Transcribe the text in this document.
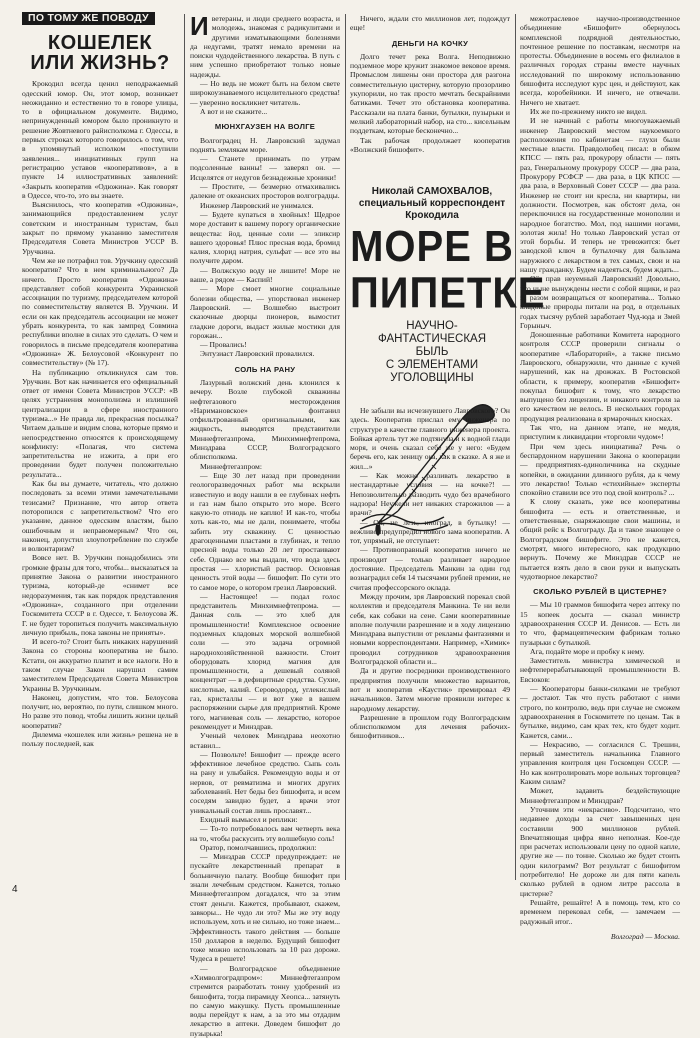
ПО ТОМУ ЖЕ ПОВОДУ
КОШЕЛЕК
ИЛИ ЖИЗНЬ?

Крокодил всегда ценил неподражаемый одесский юмор. Он, этот юмор, возникает неожиданно и естественно то в говоре улицы, то в официальном документе. Видимо, непринужденный юмором было проникнуто и решение Жовтневого райисполкома г. Одессы, в первых строках которого говорилось о том, что в упомянутый исполком «поступили заявления... инициативных групп на регистрацию уставов «кооперативов», а в пункте 14 иллюстративных заявлений: «Закрыть кооператив «Одюжина». Как говорят в Одессе, что-то, это вы знаете.

Выяснилось, что кооператив «Одюжина», занимающийся предоставлением услуг советским и иностранным туристам, был закрыт по прямому указанию заместителя Председателя Совета Министров УССР В. Уручкина.

Чем же не потрафил тов. Уручкину одесский кооператив? Что в нем криминального? Да ничего. Просто кооператив «Одюжина» представляет собой конкурента Украинской ассоциации по туризму, председателем которой по совместительству является В. Уручкин. И если он как председатель ассоциации не может убрать конкурента, то как зампред Совмина республики вполне в силах это сделать. О чем и говорилось в письме председателя кооператива «Одюжина» Ж. Белоусовой «Конкурент по совместительству» (№ 17).

На публикацию откликнулся сам тов. Уручкин. Вот как начинается его официальный ответ от имени Совета Министров УССР: «В целях устранения монополизма и излишней централизации в сфере иностранного туризма...» Не правда ли, прекрасная посылка? Читаем дальше и видим слова, которые прямо и непосредственно относятся к происходящему конфликту: «Полагая, что система запретительства не изжита, а при его проведении будет получен положительно результата...

Как бы вы думаете, читатель, что должно последовать за всеми этими замечательными тезисами? Признание, что автор ответа поторопился с запретительством? Что его указание, данное одесским властям, было ошибочным и неправомерным? Что он, наконец, допустил злоупотребление по службе и волюнтаризм?

Вовсе нет. В. Уручкин понадобились эти громкие фразы для того, чтобы... высказаться за принятие Закона о развитии иностранного туризма, который-де «снимет все недоразумения, так как порядок представления «Одюжина», созданного при отделении Госкомитета СССР в г. Одессе, т. Белоусова Ж. Г. не будет торопиться получить максимальную личную прибыль, пока законы не приняты».

И всего-то? Стоит быть никаких нарушений Закона со стороны кооператива не было. Кстати, он аккуратно платит и все налоги. Но в таком случае Закон нарушил самим заместителем Председателя Совета Министров Украины В. Уручкиным.

Наконец, допустим, что тов. Белоусова получит, но, вероятно, по пути, слишком много. Но разве это повод, чтобы лишить жизни целый кооператив?

Дилемма «кошелек или жизнь» решена не в пользу последней, как

Иветераны, и люди среднего возраста, и молодежь, знакомая с радикулитами и другими изматывающими болезнями да недугами, тратят немало времени на поиски чудодейственного лекарства. В путь с ним успешно приобретают только новые надежды.

— Но ведь не может быть на белом свете широкоузнаваемого исцелительного средства! — уверенно воскликнет читатель.

А вот и не скажите...

МЮНХГАУЗЕН НА ВОЛГЕ

Волгоградец Н. Лавровский задумал поднять землякам море.

— Станете принимать по утрам подсоленные ванны! — заверял он. — Исцелятся от недугов безнадежные хроники!

— Простите, — безмерно отмахивались далекие от океанских просторов волгоградцы.

Инженер Лавровский не унимался.

— Будете купаться в хвойных! Щедрое море доставит к вашему порогу органические вещества: йод, ценные соли — эликсир вашего здоровья! Плюс пресная вода, бромид калия, хлорид натрия, сульфат — все это вы получите даром.

— Волжскую воду не лишите! Море не ваше, а рядом — Каспий!

— Море смоет многие социальные болезни общества, — упорствовал инженер Лавровский. — Волшебно выстроит сказочные дворцы пионеров, вымостит гладкие дороги, выдаст жилые мостики для горожан...

— Провались!

Энтузиаст Лавровский провалился.

СОЛЬ НА РАНУ

Лазурный волжский день клонился к вечеру. Возле глубокой скважины нефтегазового месторождения «Наримановское» фонтанил отфильтрованный оригинальными, как жидкость, выводятся представители Миннефтегазпрома, Минхимнефтепрома, Минздрава СССР, Волгоградского облисполкома.

Миннефтегазпром:

— Еще 30 лет назад при проведении геологоразведочных работ мы вскрыли известную и воду нашли в ее глубинах нефть и газ нам было открыто это море. Всего какую-то отнюдь не каплю! И как-то, чтобы хоть как-то, мы не дали, понимаете, чтобы забить эту скважину. С ценностью драгоценными пластами в глубинах, и тепло пресной воды только 20 лет простаивают себе. Однако все мы выдали, что вода здесь простая — хлористый раствор. Основная ценность этой воды — бишофит. По сути это то самое море, о котором грезил Лавровский.

— Настоящее! — подал голос представитель Минхимнефтепрома. — Данная соль — это хлеб для промышленности! Комплексное освоение подземных кладовых морской волшебной соли — это задача огромной народнохозяйственной важности. Стоит оборудовать хлорид магния для промышленности, а дешевый соляной концентрат — в дефицитные средства. Сухие, кислотные, калий. Сероводород, углекислый газ, кристаллы — и вот уже в вашем распоряжении сырье для предприятий. Кроме того, магниевая соль — лекарство, которое рекомендует и Минздрав.

Ученый человек Минздрава неохотно вставил...

— Позвольте! Бишофит — прежде всего эффективное лечебное средство. Сыпь соль на рану и улыбайся. Рекомендую воды и от нервов, от ревматизма и многих других заболеваний. Нет беды без бишофита, и всем соседям завидно будет, а врачи этот уникальный состав лишь прославят...

Ехидный вымысел и реплики:

— То-то потребовалось вам четверть века на то, чтобы раскусить эту волшебную соль!

Оратор, помолчавшись, продолжил:

— Минздрав СССР предупреждает: не пускайте лекарственный препарат в больничную палату. Вообще бишофит при знали лечебным средством. Кажется, только Миннефтегазпром догадался, что за этим стоят деньги. Кажется, пробывают, скажем, завкоры... Не чудо ли это? Мы же эту воду используем, хоть и не сильно, но тоже знаем... Эффективность такого действия — больше 150 долларов в неделю. Будущий бишофит тоже можно использовать за 10 раз дороже. Чудеса в решете!

— Волгоградское объединение «Химволгоградпром»: Миннефтегазпром стремится разработать тонну удобрений из бишофита, тогда пирамиду Хеопса... затянуть по самую макушку. Пусть промышленные воды перейдут к нам, а за это мы отдадим лекарство в аптеки. Доведем бишофит до пузырька!

Ничего, ждали сто миллионов лет, подождут еще!

ДЕНЬГИ НА КОЧКУ

Долго течет река Волга. Неподвижно подземное море кружит знакомое вековое время. Промыслом лишены они простора для разгона совместительную цистерну, которую прозорливо укупорили, но так просто мечтать бескрайними батиками. Течет это обстановка кооператива. Рассказали на плата банки, бутылки, пузырьки и мелкий лабораторный набор, на сто... кисельным поддеткам, которые бесконечно...

Так рабочая продолжает кооператив «Волжский бишофит».

Николай САМОХВАЛОВ,
специальный корреспондент
Крокодила
МОРЕ В
ПИПЕТКЕ
НАУЧНО-
ФАНТАСТИЧЕСКАЯ
БЫЛЬ
С ЭЛЕМЕНТАМИ
УГОЛОВЩИНЫ

Не забыли вы исчезнувшего Лавровского? Он здесь. Кооператив прислал ему инженера по структуре в качестве главного инженера проекта. Бойкая артель тут же подтянула и к водной глади моря, и очень сказал себе же у него: «Будем беречь его, как зеницу ока, как в сказке. А я же и жил...»

— Как можно разливать лекарство в нестандартные условия — на кочке?! — Непозволительно разводить чудо без врачебного надзора! Неужели нет никаких старожилов — а врачи?

— Ой, не лезь, иноград, в бутылку! — вежливо предупредил нового зама кооператив. А тот, упрямый, не отступает:

— Противоправный кооператив ничего не производит — только разливает народное достояние. Председатель Манкин за один год вознаградил себя 14 тысячами рублей премии, не считая профессорского оклада.

Между прочим, зря Лавровский порекал свой коллектив и председателя Манкина. Те ни вели себя, как собаки на сене. Сами кооперативные вполне получили разрешение и в ходу лицензию Минздрава выпустили от рекламы фантазиями и новыми корреспондентами. Например, «Химик» проводил сотрудников здравоохранения Волгоградской области и...

Да и другие посредники производственного предприятия получили множество вариантов, вот и кооператив «Каустик» премировал 49 начальников. Затем многие проявили интерес к народному лекарству.

Разрешение в прошлом году Волгоградским облисполкомом для лечения рабочих-бишофитников...

межотраслевое научно-производственное объединение «Бишофит» обернулось комплексной подрядной деятельностью, почтенное решение по поставкам, несмотря на протесты. Объединение в восемь его филиалов в различных городах страны вместе научных исследований по широкому использованию бишофита исследуют курс цен, и действуют, как всегда, коробейники. И ничего, не отвечали. Ничего не хватает.

Их же по-прежнему никто не видел.

И не начинай с работы многоуважаемый инженер Лавровский местом наукоемкого расположения по кабинетам — глухи были местные власти. Правдолюбец писал: в обком КПСС — пять раз, прокурору области — пять раз, Генеральному прокурору СССР — два раза, Прокурору РСФСР — два раза, в ЦК КПСС — два раза, в Верховный Совет СССР — два раза. Инженер не стоит ни кресла, ни квартиры, ни должности. Посмотрев, как обстоят дела, он переключился на государственные монополии и народное богатство. Мол, под нашими ногами, золотая жила! Но только Лавровский устал от этой борьбы. И теперь не тревожится: бьет заводской ключ в бутылочку для бальзама наружного с лекарством в тех самых, свои и на нашу гражданку. Будем надеяться, будем ждать...

Ой, прав неуемный Лавровский! Довольно, что ныне вынуждены нести с собой ящики, и раз за разом возвращаться от кооператива... Только кладовые природы питали на род, в отдельных годах тысячу рублей заработает Чуд-юда и Змей Горыныч.

Доношенные работники Комитета народного контроля СССР проверили сигналы о кооперативе «Лабораторий», а также письмо Лавровского, обнаружили, что данные с кучей нарушений, как на дрожжах. В Ростовской области, к примеру, кооператив «Бишофит» покупал бишофит к тому, что лекарство выпущено без лицензии, и никакого контроля за его качеством не велось. В нескольких городах продукция реализована в ярмарочных киосках.

Так что, на данном этапе, не медля, приступим к ликвидации «торговли чудом»!

При чем здесь инициатива? Речь о беспардонном нарушении Закона о кооперации — предприятиях-единоличника на скудные копейки, в ожидании длинного рубля, да к чему это лекарство! Только «стихийные» эксперты спокойно ставили все это под свой контроль? ...

К слову сказать, уже все кооперативы бишофита — есть и ответственные, и ответственные, снаряжающие свои машины, и общий рейс к Волгограду. Да и такое знающее о Волгоградском бишофите. Это не кажется, смотрят, много интересного, как продукцию вернуть. Почему же Минздрав СССР не пытается взять дело в свои руки и выпускать чудотворное лекарство?

СКОЛЬКО РУБЛЕЙ В ЦИСТЕРНЕ?

— Мы 10 граммов бишофита через аптеку по 15 копеек досыта — сказал министр здравоохранения СССР И. Денисов. — Есть ли то что, фармацевтическим фабрикам только пузырьки с бутылкой.

Ага, подайте море и пробку к нему.

Заместитель министра химической и нефтеперерабатывающей промышленности В. Евсюков:

— Кооператоры банки-силками не требуют — достают. Так что пусть работают с ними строго, по контролю, ведь при случае не сможем здравоохранения в Госкомитете по ценам. Так в бутылке, видимо, сам крах тех, кто будет ходит. Кажется, сами...

— Некрасиво, — согласился С. Трешин, первый заместитель начальника Главного управления контроля цен Госкомцен СССР. — Но как контролировать море вольных торговцев? Каким силам?

Может, задавить бездействующие Миннефтегазпром и Минздрав?

Уточним эти «некрасиво». Подсчитано, что недавнее доходы за счет завышенных цен составили 900 миллионов рублей. Впечатляющая цифра явно неполная. Кое-где при расчетах использовали цену по одной капле, другие же — по тонне. Сколько же будет стоить один килограмм? Вот результат с бишофитом потребителю! Не дороже ли для пяти капель сколько рублей в одном литре рассола в цистерне?

Решайте, решайте! А в помощь тем, кто со временем перековал себя, — замечаем — радужный итог..

Волгоград — Москва.
4
